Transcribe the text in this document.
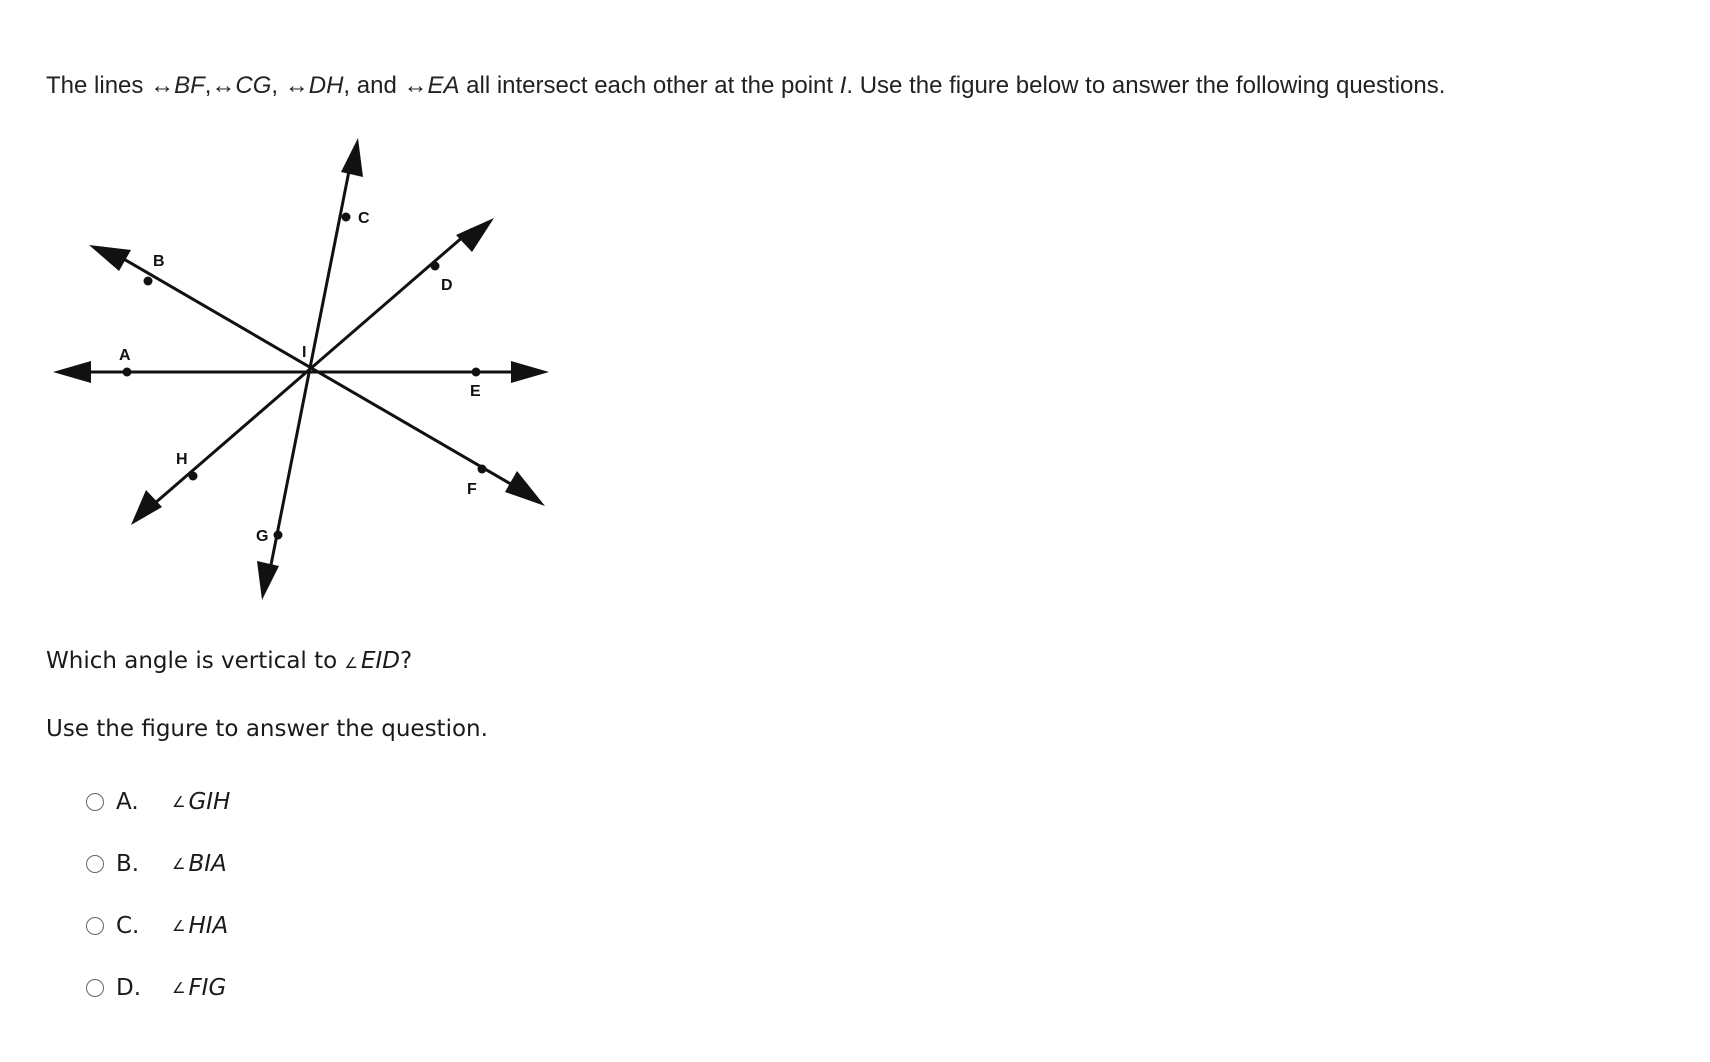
The lines ↔BF,↔CG, ↔DH, and ↔EA all intersect each other at the point I. Use the figure below to answer the following questions.
A
B
C
D
E
F
G
H
I
Which angle is vertical to ∠ EID?
Use the figure to answer the question.
A.	∠ GIH
B.	∠ BIA
C.	∠ HIA
D.	∠ FIG
